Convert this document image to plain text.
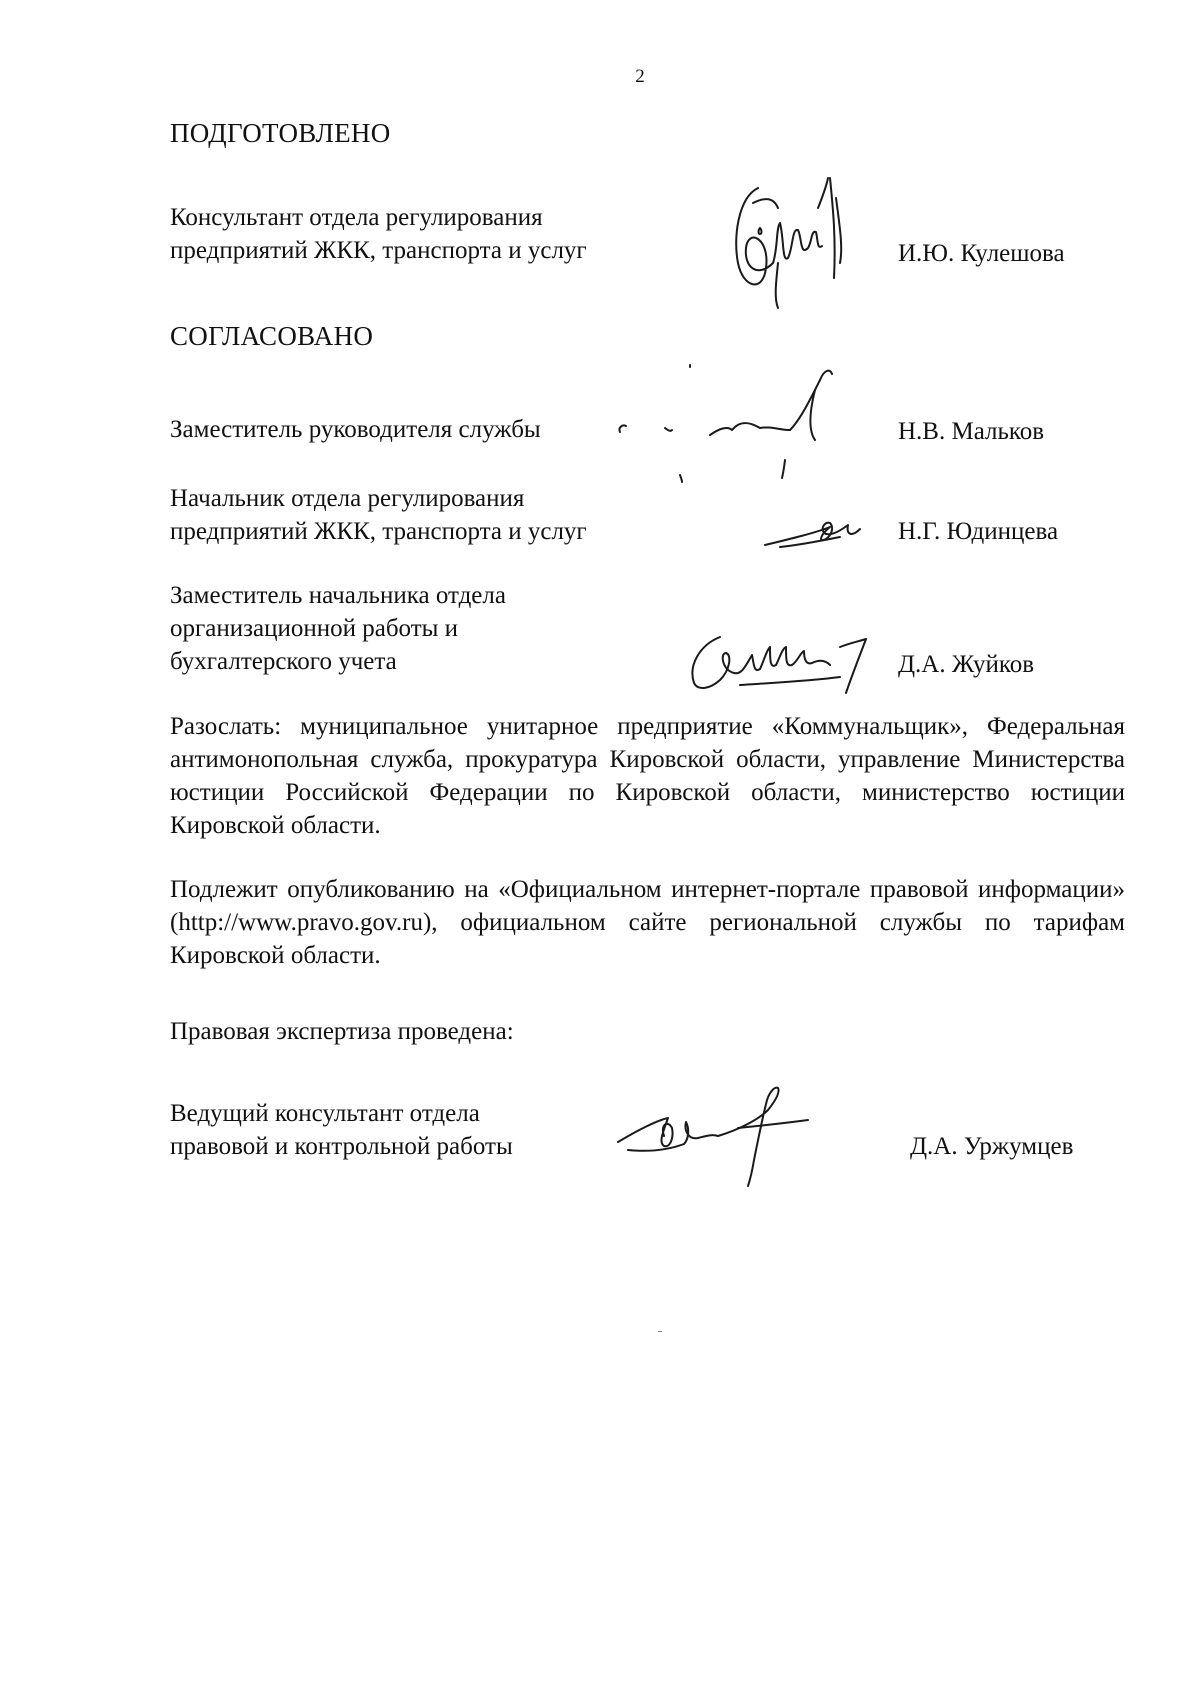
2
ПОДГОТОВЛЕНО
Консультант отдела регулирования
предприятий ЖКК, транспорта и услуг	И.Ю. Кулешова
СОГЛАСОВАНО
Заместитель руководителя службы	Н.В. Мальков
Начальник отдела регулирования
предприятий ЖКК, транспорта и услуг	Н.Г. Юдинцева
Заместитель начальника отдела
организационной работы и
бухгалтерского учета	Д.А. Жуйков
Разослать: муниципальное унитарное предприятие «Коммунальщик», Федеральная антимонопольная служба, прокуратура Кировской области, управление Министерства юстиции Российской Федерации по Кировской области, министерство юстиции Кировской области.
Подлежит опубликованию на «Официальном интернет-портале правовой информации» (http://www.pravo.gov.ru), официальном сайте региональной службы по тарифам Кировской области.
Правовая экспертиза проведена:
Ведущий консультант отдела
правовой и контрольной работы	Д.А. Уржумцев
